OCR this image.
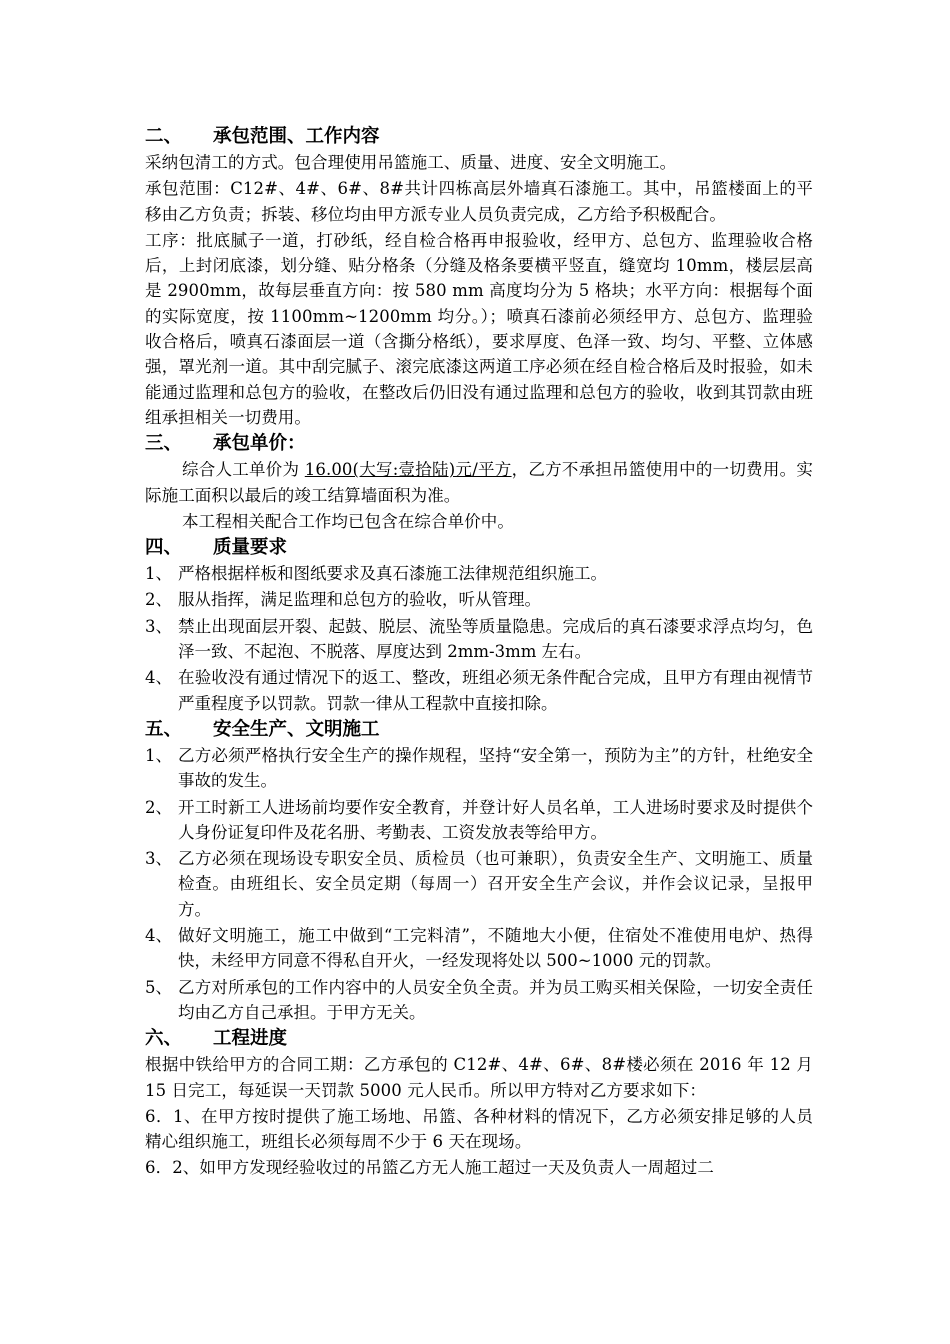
二、 承包范围、工作内容

采纳包清工的方式。包合理使用吊篮施工、质量、进度、安全文明施工。

承包范围：C12#、4#、6#、8#共计四栋高层外墙真石漆施工。其中，吊篮楼面上的平移由乙方负责；拆装、移位均由甲方派专业人员负责完成，乙方给予积极配合。

工序：批底腻子一道，打砂纸，经自检合格再申报验收，经甲方、总包方、监理验收合格后，上封闭底漆，划分缝、贴分格条（分缝及格条要横平竖直，缝宽均 10mm，楼层层高是 2900mm，故每层垂直方向：按 580 mm 高度均分为 5 格块；水平方向：根据每个面的实际宽度，按 1100mm~1200mm 均分。）；喷真石漆前必须经甲方、总包方、监理验收合格后，喷真石漆面层一道（含撕分格纸），要求厚度、色泽一致、均匀、平整、立体感强，罩光剂一道。其中刮完腻子、滚完底漆这两道工序必须在经自检合格后及时报验，如未能通过监理和总包方的验收，在整改后仍旧没有通过监理和总包方的验收，收到其罚款由班组承担相关一切费用。

三、 承包单价：

综合人工单价为 16.00(大写:壹拾陆)元/平方，乙方不承担吊篮使用中的一切费用。实际施工面积以最后的竣工结算墙面积为准。

本工程相关配合工作均已包含在综合单价中。

四、 质量要求
1、 严格根据样板和图纸要求及真石漆施工法律规范组织施工。
2、 服从指挥，满足监理和总包方的验收，听从管理。
3、 禁止出现面层开裂、起鼓、脱层、流坠等质量隐患。完成后的真石漆要求浮点均匀，色泽一致、不起泡、不脱落、厚度达到 2mm-3mm 左右。
4、 在验收没有通过情况下的返工、整改，班组必须无条件配合完成，且甲方有理由视情节严重程度予以罚款。罚款一律从工程款中直接扣除。
五、 安全生产、文明施工
1、 乙方必须严格执行安全生产的操作规程，坚持“安全第一，预防为主”的方针，杜绝安全事故的发生。
2、 开工时新工人进场前均要作安全教育，并登计好人员名单，工人进场时要求及时提供个人身份证复印件及花名册、考勤表、工资发放表等给甲方。
3、 乙方必须在现场设专职安全员、质检员（也可兼职），负责安全生产、文明施工、质量检查。由班组长、安全员定期（每周一）召开安全生产会议，并作会议记录，呈报甲方。
4、 做好文明施工，施工中做到“工完料清”，不随地大小便，住宿处不准使用电炉、热得快，未经甲方同意不得私自开火，一经发现将处以 500~1000 元的罚款。
5、 乙方对所承包的工作内容中的人员安全负全责。并为员工购买相关保险，一切安全责任均由乙方自己承担。于甲方无关。
六、 工程进度

根据中铁给甲方的合同工期：乙方承包的 C12#、4#、6#、8#楼必须在 2016 年 12 月 15 日完工，每延误一天罚款 5000 元人民币。所以甲方特对乙方要求如下：

6．1、在甲方按时提供了施工场地、吊篮、各种材料的情况下，乙方必须安排足够的人员精心组织施工，班组长必须每周不少于 6 天在现场。

6．2、如甲方发现经验收过的吊篮乙方无人施工超过一天及负责人一周超过二
